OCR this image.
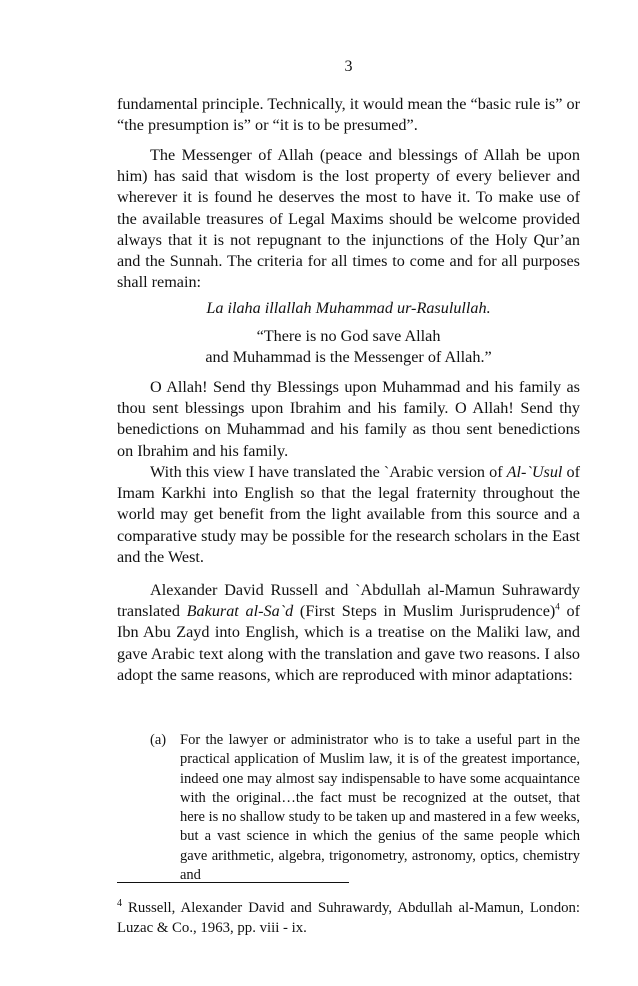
3

fundamental principle. Technically, it would mean the “basic rule is” or “the presumption is” or “it is to be presumed”.

The Messenger of Allah (peace and blessings of Allah be upon him) has said that wisdom is the lost property of every believer and wherever it is found he deserves the most to have it. To make use of the available treasures of Legal Maxims should be welcome provided always that it is not repugnant to the injunctions of the Holy Qur’an and the Sunnah. The criteria for all times to come and for all purposes shall remain:

La ilaha illallah Muhammad ur-Rasulullah.

“There is no God save Allah

and Muhammad is the Messenger of Allah.”

O Allah! Send thy Blessings upon Muhammad and his family as thou sent blessings upon Ibrahim and his family. O Allah! Send thy benedictions on Muhammad and his family as thou sent benedictions on Ibrahim and his family.

With this view I have translated the `Arabic version of Al-`Usul of Imam Karkhi into English so that the legal fraternity throughout the world may get benefit from the light available from this source and a comparative study may be possible for the research scholars in the East and the West.

Alexander David Russell and `Abdullah al-Mamun Suhrawardy translated Bakurat al-Sa`d (First Steps in Muslim Jurisprudence)$^4$ of Ibn Abu Zayd into English, which is a treatise on the Maliki law, and gave Arabic text along with the translation and gave two reasons. I also adopt the same reasons, which are reproduced with minor adaptations:

(a) For the lawyer or administrator who is to take a useful part in the practical application of Muslim law, it is of the greatest importance, indeed one may almost say indispensable to have some acquaintance with the original…the fact must be recognized at the outset, that here is no shallow study to be taken up and mastered in a few weeks, but a vast science in which the genius of the same people which gave arithmetic, algebra, trigonometry, astronomy, optics, chemistry and
$^4$ Russell, Alexander David and Suhrawardy, Abdullah al-Mamun, London: Luzac & Co., 1963, pp. viii - ix.
